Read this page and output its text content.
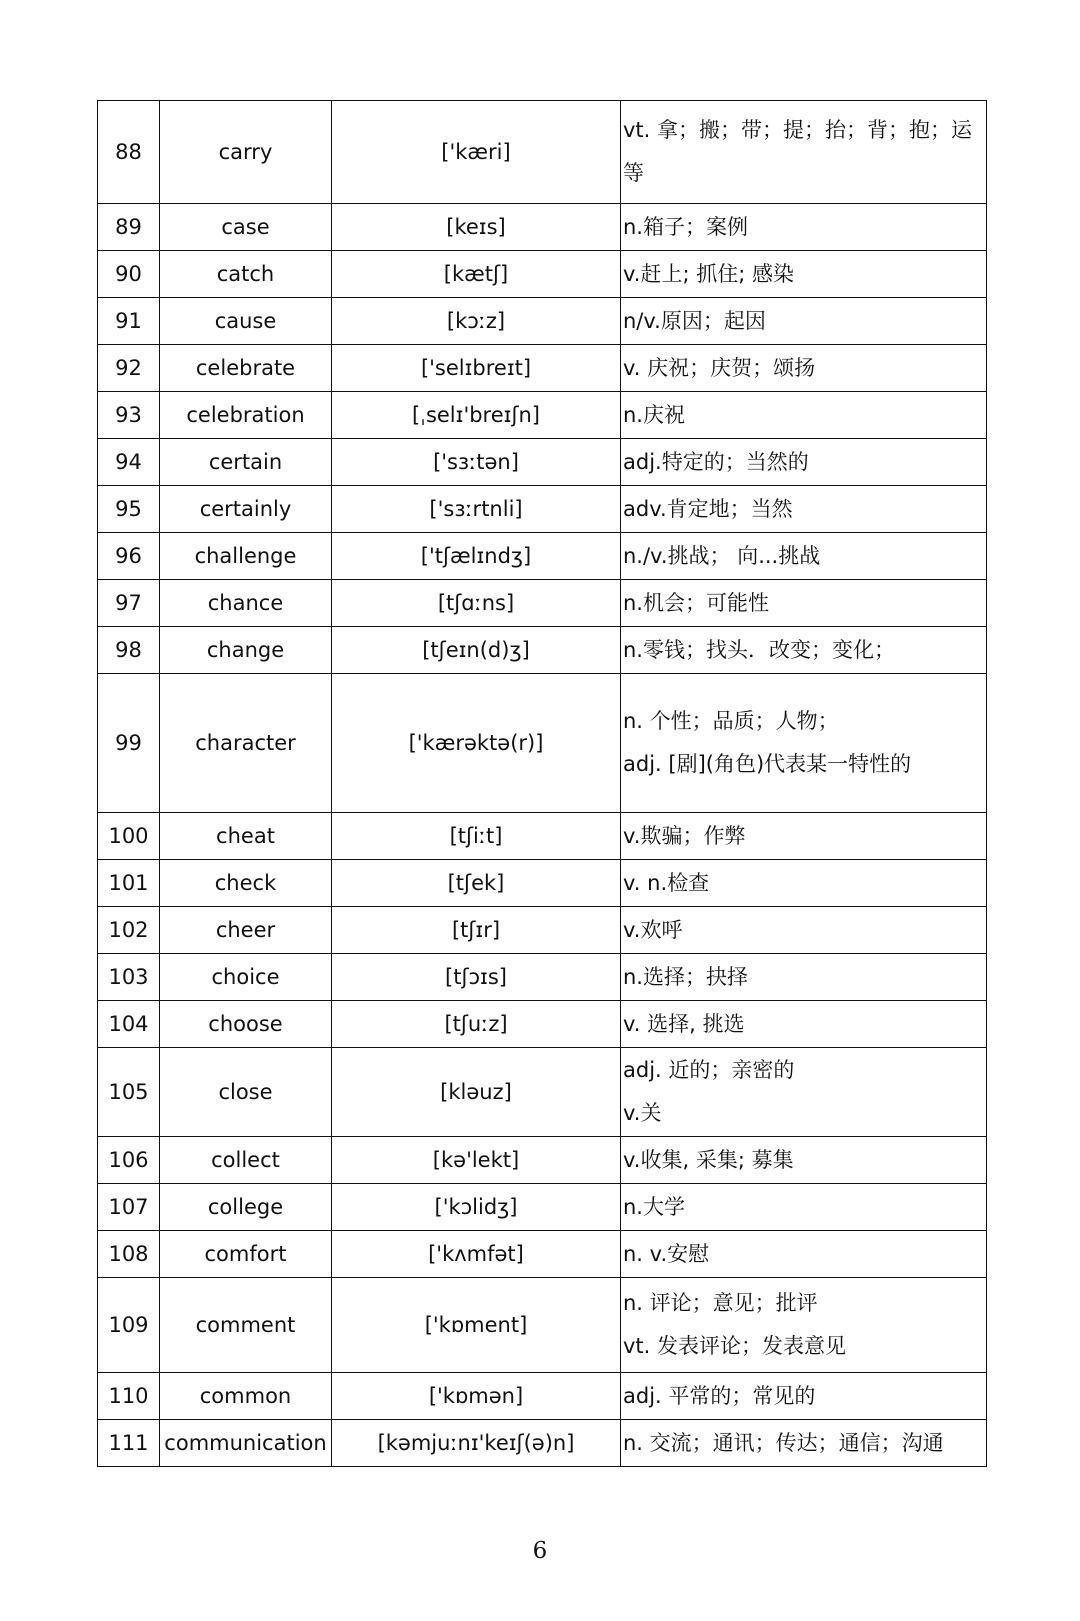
88	carry	['kæri]	vt. 拿；搬；带；提；抬；背；抱；运
等

89	case	[keɪs]	n.箱子；案例

90	catch	[kætʃ]	v.赶上; 抓住; 感染

91	cause	[kɔːz]	n/v.原因；起因

92	celebrate	['selɪbreɪt]	v. 庆祝；庆贺；颂扬

93	celebration	[ˌselɪ'breɪʃn]	n.庆祝

94	certain	['sɜːtən]	adj.特定的；当然的

95	certainly	['sɜːrtnli]	adv.肯定地；当然

96	challenge	['tʃælɪndʒ]	n./v.挑战； 向...挑战

97	chance	[tʃɑːns]	n.机会；可能性

98	change	[tʃeɪn(d)ʒ]	n.零钱；找头．改变；变化；

99	character	['kærəktə(r)]	n. 个性；品质；人物；
adj. [剧](角色)代表某一特性的

100	cheat	[tʃiːt]	v.欺骗；作弊

101	check	[tʃek]	v. n.检查

102	cheer	[tʃɪr]	v.欢呼

103	choice	[tʃɔɪs]	n.选择；抉择

104	choose	[tʃuːz]	v. 选择, 挑选

105	close	[kləuz]	adj. 近的；亲密的
v.关

106	collect	[kə'lekt]	v.收集, 采集; 募集

107	college	['kɔlidʒ]	n.大学

108	comfort	['kʌmfət]	n. v.安慰

109	comment	['kɒment]	n. 评论；意见；批评
vt. 发表评论；发表意见

110	common	['kɒmən]	adj. 平常的；常见的

111	communication	[kəmjuːnɪ'keɪʃ(ə)n]	n. 交流；通讯；传达；通信；沟通
6
